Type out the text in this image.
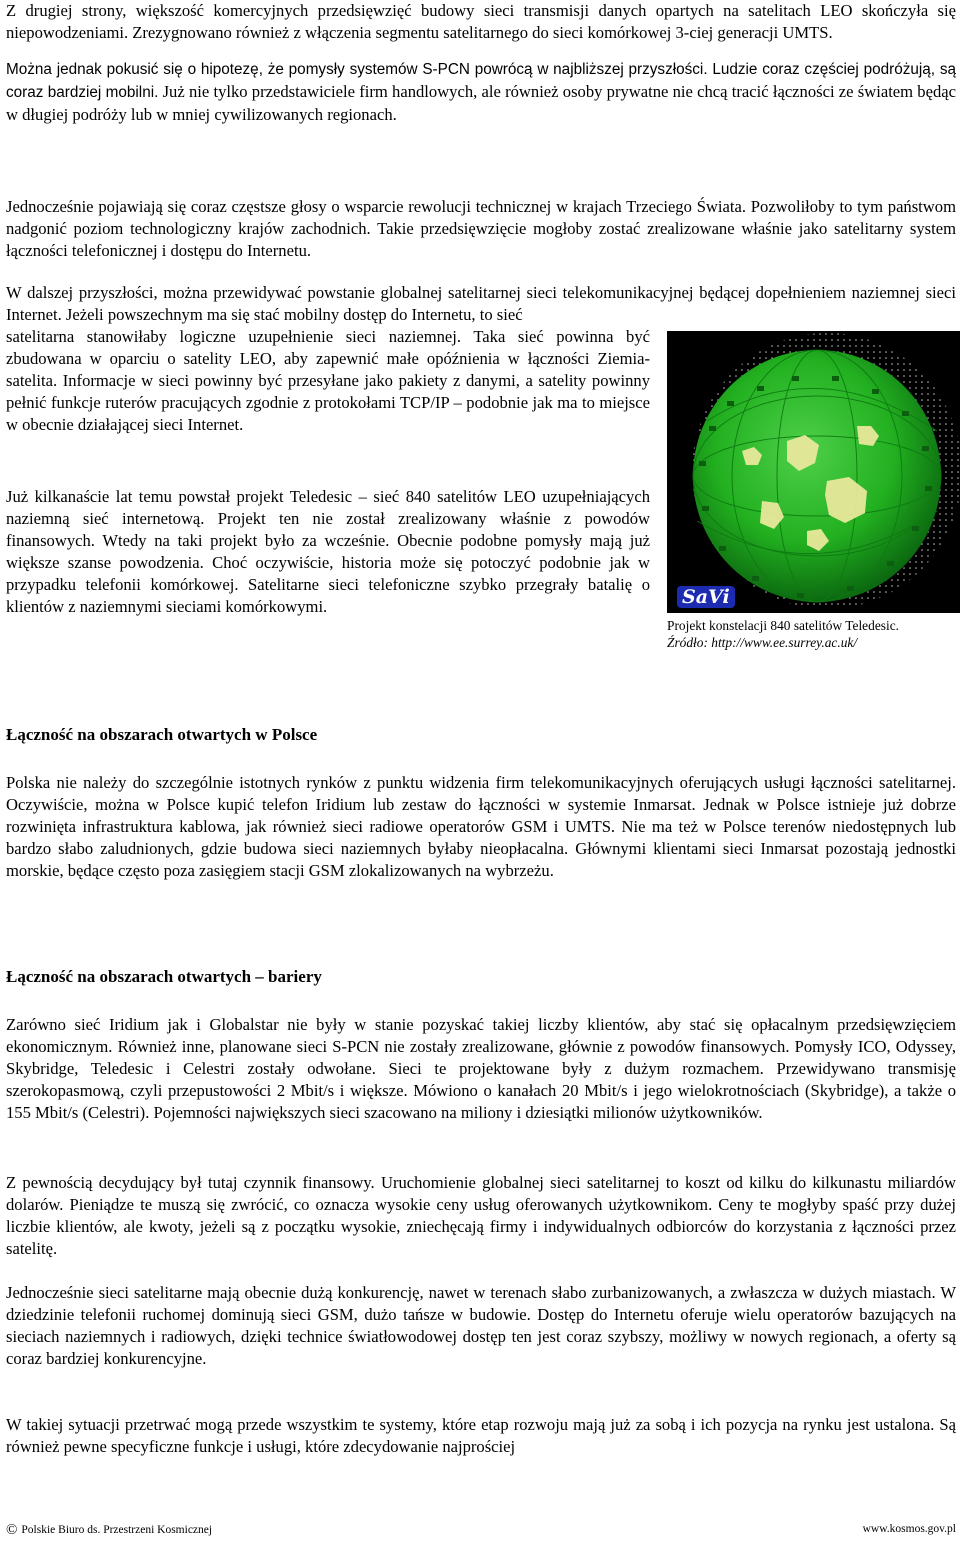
Z drugiej strony, większość komercyjnych przedsięwzięć budowy sieci transmisji danych opartych na satelitach LEO skończyła się niepowodzeniami. Zrezygnowano również z włączenia segmentu satelitarnego do sieci komórkowej 3-ciej generacji UMTS.

Można jednak pokusić się o hipotezę, że pomysły systemów S-PCN powrócą w najbliższej przyszłości. Ludzie coraz częściej podróżują, są coraz bardziej mobilni. Już nie tylko przedstawiciele firm handlowych, ale również osoby prywatne nie chcą tracić łączności ze światem będąc w długiej podróży lub w mniej cywilizowanych regionach.

Jednocześnie pojawiają się coraz częstsze głosy o wsparcie rewolucji technicznej w krajach Trzeciego Świata. Pozwoliłoby to tym państwom nadgonić poziom technologiczny krajów zachodnich. Takie przedsięwzięcie mogłoby zostać zrealizowane właśnie jako satelitarny system łączności telefonicznej i dostępu do Internetu.

W dalszej przyszłości, można przewidywać powstanie globalnej satelitarnej sieci telekomunikacyjnej będącej dopełnieniem naziemnej sieci Internet. Jeżeli powszechnym ma się stać mobilny dostęp do Internetu, to sieć

satelitarna stanowiłaby logiczne uzupełnienie sieci naziemnej. Taka sieć powinna być zbudowana w oparciu o satelity LEO, aby zapewnić małe opóźnienia w łączności Ziemia-satelita. Informacje w sieci powinny być przesyłane jako pakiety z danymi, a satelity powinny pełnić funkcje ruterów pracujących zgodnie z protokołami TCP/IP – podobnie jak ma to miejsce w obecnie działającej sieci Internet.

Już kilkanaście lat temu powstał projekt Teledesic – sieć 840 satelitów LEO uzupełniających naziemną sieć internetową. Projekt ten nie został zrealizowany właśnie z powodów finansowych. Wtedy na taki projekt było za wcześnie. Obecnie podobne pomysły mają już większe szanse powodzenia. Choć oczywiście, historia może się potoczyć podobnie jak w przypadku telefonii komórkowej. Satelitarne sieci telefoniczne szybko przegrały batalię o klientów z naziemnymi sieciami komórkowymi.	SaVi
Projekt konstelacji 840 satelitów Teledesic.
Źródło: http://www.ee.surrey.ac.uk/
Łączność na obszarach otwartych w Polsce

Polska nie należy do szczególnie istotnych rynków z punktu widzenia firm telekomunikacyjnych oferujących usługi łączności satelitarnej. Oczywiście, można w Polsce kupić telefon Iridium lub zestaw do łączności w systemie Inmarsat. Jednak w Polsce istnieje już dobrze rozwinięta infrastruktura kablowa, jak również sieci radiowe operatorów GSM i UMTS. Nie ma też w Polsce terenów niedostępnych lub bardzo słabo zaludnionych, gdzie budowa sieci naziemnych byłaby nieopłacalna. Głównymi klientami sieci Inmarsat pozostają jednostki morskie, będące często poza zasięgiem stacji GSM zlokalizowanych na wybrzeżu.

Łączność na obszarach otwartych – bariery

Zarówno sieć Iridium jak i Globalstar nie były w stanie pozyskać takiej liczby klientów, aby stać się opłacalnym przedsięwzięciem ekonomicznym. Również inne, planowane sieci S-PCN nie zostały zrealizowane, głównie z powodów finansowych. Pomysły ICO, Odyssey, Skybridge, Teledesic i Celestri zostały odwołane. Sieci te projektowane były z dużym rozmachem. Przewidywano transmisję szerokopasmową, czyli przepustowości 2 Mbit/s i większe. Mówiono o kanałach 20 Mbit/s i jego wielokrotnościach (Skybridge), a także o 155 Mbit/s (Celestri). Pojemności największych sieci szacowano na miliony i dziesiątki milionów użytkowników.

Z pewnością decydujący był tutaj czynnik finansowy. Uruchomienie globalnej sieci satelitarnej to koszt od kilku do kilkunastu miliardów dolarów. Pieniądze te muszą się zwrócić, co oznacza wysokie ceny usług oferowanych użytkownikom. Ceny te mogłyby spaść przy dużej liczbie klientów, ale kwoty, jeżeli są z początku wysokie, zniechęcają firmy i indywidualnych odbiorców do korzystania z łączności przez satelitę.

Jednocześnie sieci satelitarne mają obecnie dużą konkurencję, nawet w terenach słabo zurbanizowanych, a zwłaszcza w dużych miastach. W dziedzinie telefonii ruchomej dominują sieci GSM, dużo tańsze w budowie. Dostęp do Internetu oferuje wielu operatorów bazujących na sieciach naziemnych i radiowych, dzięki technice światłowodowej dostęp ten jest coraz szybszy, możliwy w nowych regionach, a oferty są coraz bardziej konkurencyjne.

W takiej sytuacji przetrwać mogą przede wszystkim te systemy, które etap rozwoju mają już za sobą i ich pozycja na rynku jest ustalona. Są również pewne specyficzne funkcje i usługi, które zdecydowanie najprościej

© Polskie Biuro ds. Przestrzeni Kosmicznej	www.kosmos.gov.pl
